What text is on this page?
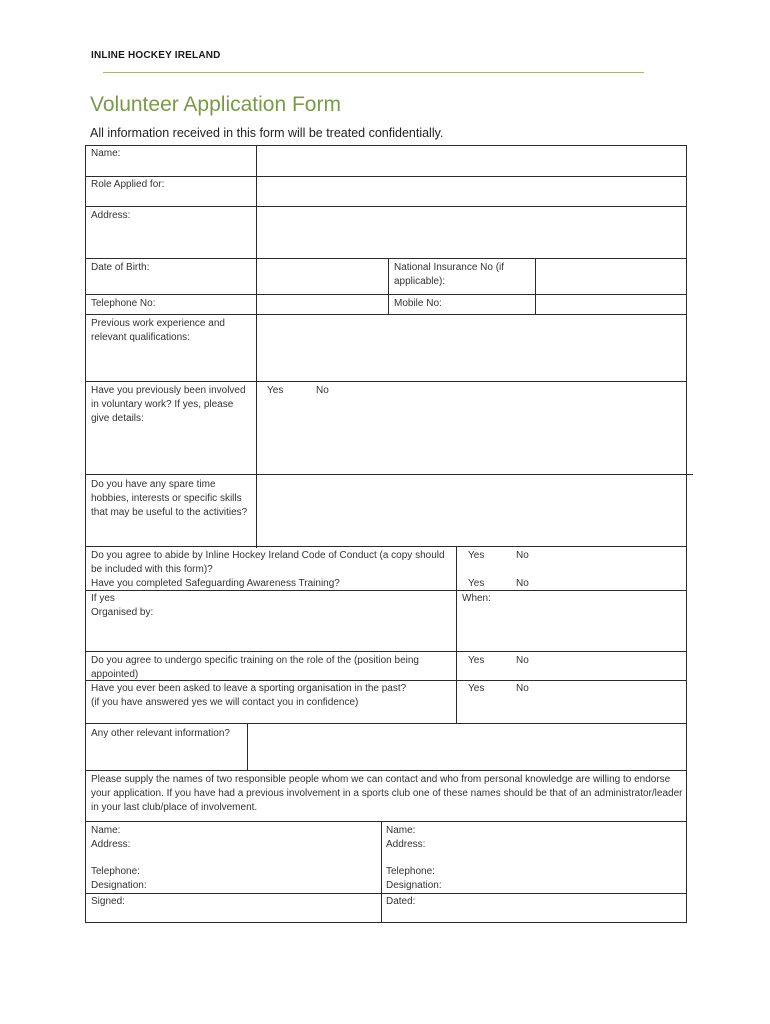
INLINE HOCKEY IRELAND
Volunteer Application Form
All information received in this form will be treated confidentially.
Name:
Role Applied for:
Address:
Date of Birth:	National Insurance No (if applicable):
Telephone No:	Mobile No:
Previous work experience and relevant qualifications:
Have you previously been involved in voluntary work? If yes, please give details:
Yes	No
Do you have any spare time hobbies, interests or specific skills that may be useful to the activities?
Do you agree to abide by Inline Hockey Ireland Code of Conduct (a copy should be included with this form)?
Yes	No
Have you completed Safeguarding Awareness Training?	Yes	No
If yes
Organised by:
When:
Do you agree to undergo specific training on the role of the (position being appointed)
Yes	No
Have you ever been asked to leave a sporting organisation in the past?
(if you have answered yes we will contact you in confidence)
Yes	No
Any other relevant information?
Please supply the names of two responsible people whom we can contact and who from personal knowledge are willing to endorse your application. If you have had a previous involvement in a sports club one of these names should be that of an administrator/leader in your last club/place of involvement.
Name:
Address:
Telephone:
Designation:
Name:
Address:
Telephone:
Designation:
Signed:	Dated:
